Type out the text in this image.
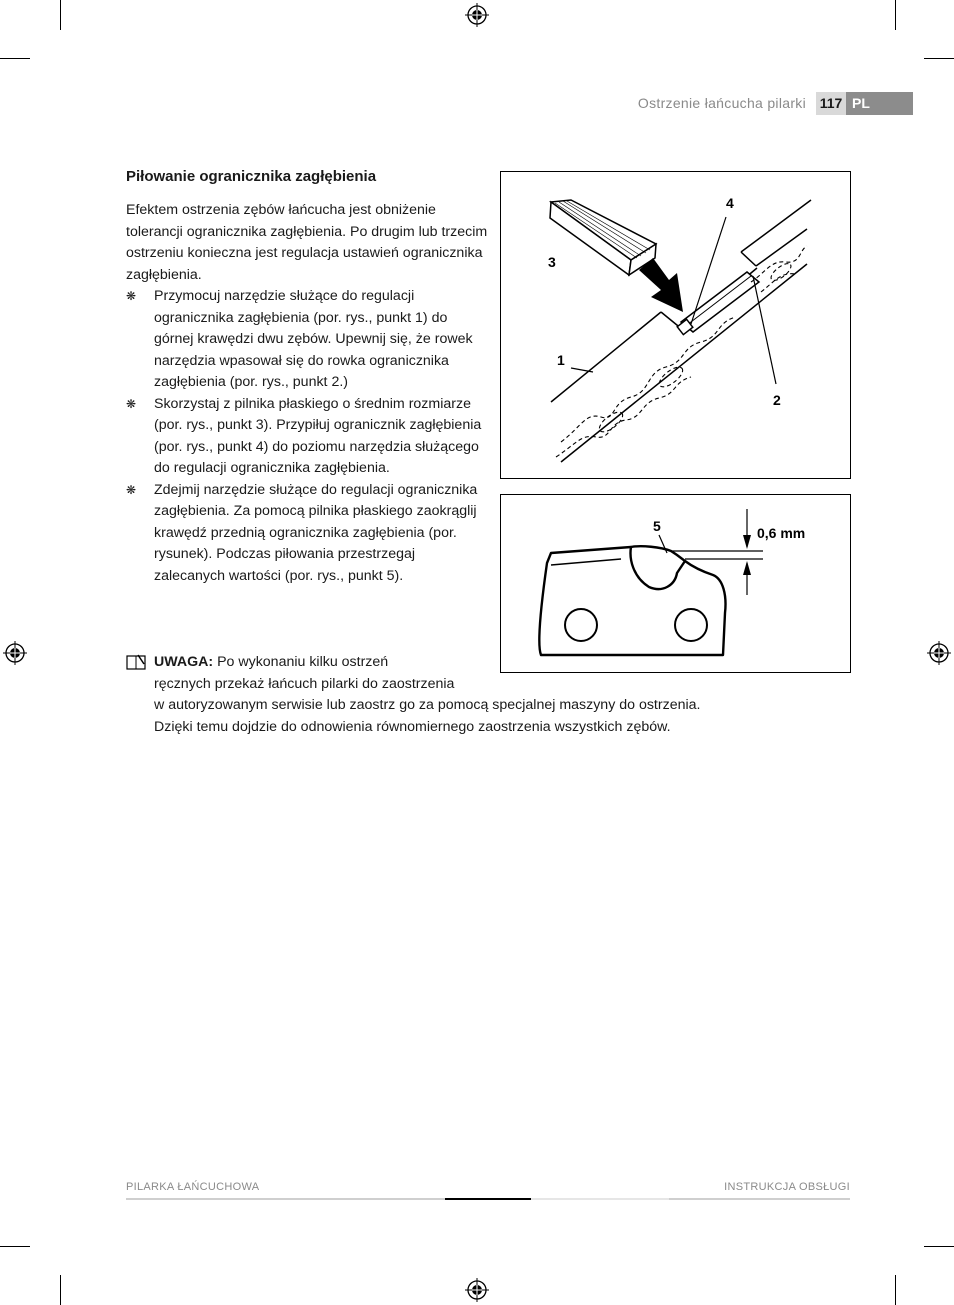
Ostrzenie łańcucha pilarki 117 PL
Piłowanie ogranicznika zagłębienia

Efektem ostrzenia zębów łańcucha jest obniżenie tolerancji ogranicznika zagłębienia. Po drugim lub trzecim ostrzeniu konieczna jest regulacja ustawień ogranicznika zagłębienia.

❋ Przymocuj narzędzie służące do regulacji ogranicznika zagłębienia (por. rys., punkt 1) do górnej krawędzi dwu zębów. Upewnij się, że rowek narzędzia wpasował się do rowka ogranicznika zagłębienia (por. rys., punkt 2.)
❋ Skorzystaj z pilnika płaskiego o średnim rozmiarze (por. rys., punkt 3). Przypiłuj ogranicznik zagłębienia
(por. rys., punkt 4) do poziomu narzędzia służącego do regulacji ogranicznika zagłębienia.
❋ Zdejmij narzędzie służące do regulacji ogranicznika zagłębienia. Za pomocą pilnika płaskiego zaokrąglij krawędź przednią ogranicznika zagłębienia (por. rysunek). Podczas piłowania przestrzegaj zalecanych wartości (por. rys., punkt 5).
1
2
3
4
5	0,6 mm
UWAGA: Po wykonaniu kilku ostrzeń
ręcznych przekaż łańcuch pilarki do zaostrzenia
w autoryzowanym serwisie lub zaostrz go za pomocą specjalnej maszyny do ostrzenia.
Dzięki temu dojdzie do odnowienia równomiernego zaostrzenia wszystkich zębów.
PILARKA ŁAŃCUCHOWA	INSTRUKCJA OBSŁUGI
